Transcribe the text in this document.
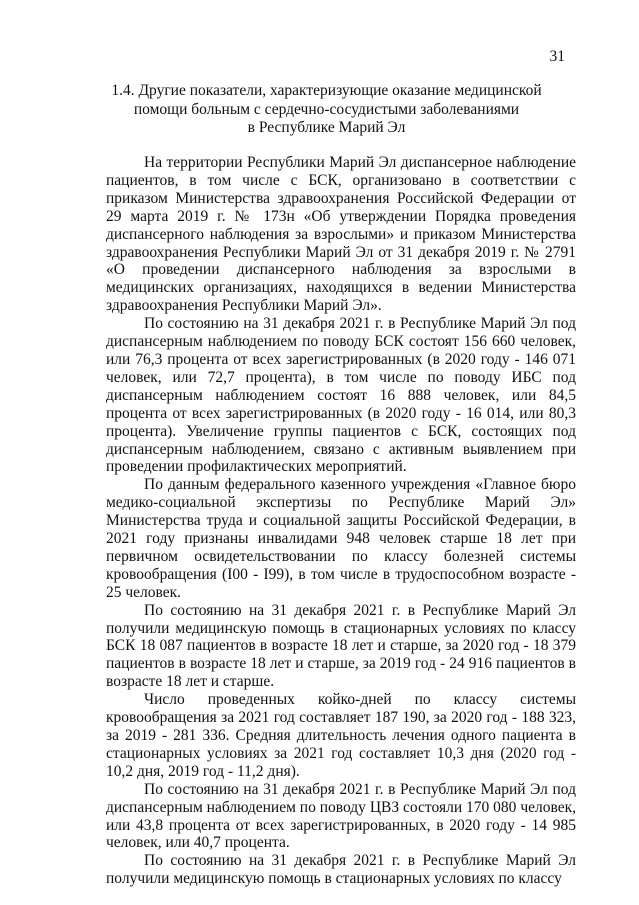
31
1.4. Другие показатели, характеризующие оказание медицинской
помощи больным с сердечно-сосудистыми заболеваниями
в Республике Марий Эл

На территории Республики Марий Эл диспансерное наблюдение пациентов, в том числе с БСК, организовано в соответствии с приказом Министерства здравоохранения Российской Федерации от 29 марта 2019 г. № 173н «Об утверждении Порядка проведения диспансерного наблюдения за взрослыми» и приказом Министерства здравоохранения Республики Марий Эл от 31 декабря 2019 г. № 2791 «О проведении диспансерного наблюдения за взрослыми в медицинских организациях, находящихся в ведении Министерства здравоохранения Республики Марий Эл».

По состоянию на 31 декабря 2021 г. в Республике Марий Эл под диспансерным наблюдением по поводу БСК состоят 156 660 человек, или 76,3 процента от всех зарегистрированных (в 2020 году - 146 071 человек, или 72,7 процента), в том числе по поводу ИБС под диспансерным наблюдением состоят 16 888 человек, или 84,5 процента от всех зарегистрированных (в 2020 году - 16 014, или 80,3 процента). Увеличение группы пациентов с БСК, состоящих под диспансерным наблюдением, связано с активным выявлением при проведении профилактических мероприятий.

По данным федерального казенного учреждения «Главное бюро медико-социальной экспертизы по Республике Марий Эл» Министерства труда и социальной защиты Российской Федерации, в 2021 году признаны инвалидами 948 человек старше 18 лет при первичном освидетельствовании по классу болезней системы кровообращения (I00 - I99), в том числе в трудоспособном возрасте - 25 человек.

По состоянию на 31 декабря 2021 г. в Республике Марий Эл получили медицинскую помощь в стационарных условиях по классу БСК 18 087 пациентов в возрасте 18 лет и старше, за 2020 год - 18 379 пациентов в возрасте 18 лет и старше, за 2019 год - 24 916 пациентов в возрасте 18 лет и старше.

Число проведенных койко-дней по классу системы кровообращения за 2021 год составляет 187 190, за 2020 год - 188 323, за 2019 - 281 336. Средняя длительность лечения одного пациента в стационарных условиях за 2021 год составляет 10,3 дня (2020 год - 10,2 дня, 2019 год - 11,2 дня).

По состоянию на 31 декабря 2021 г. в Республике Марий Эл под диспансерным наблюдением по поводу ЦВЗ состояли 170 080 человек, или 43,8 процента от всех зарегистрированных, в 2020 году - 14 985 человек, или 40,7 процента.

По состоянию на 31 декабря 2021 г. в Республике Марий Эл получили медицинскую помощь в стационарных условиях по классу
